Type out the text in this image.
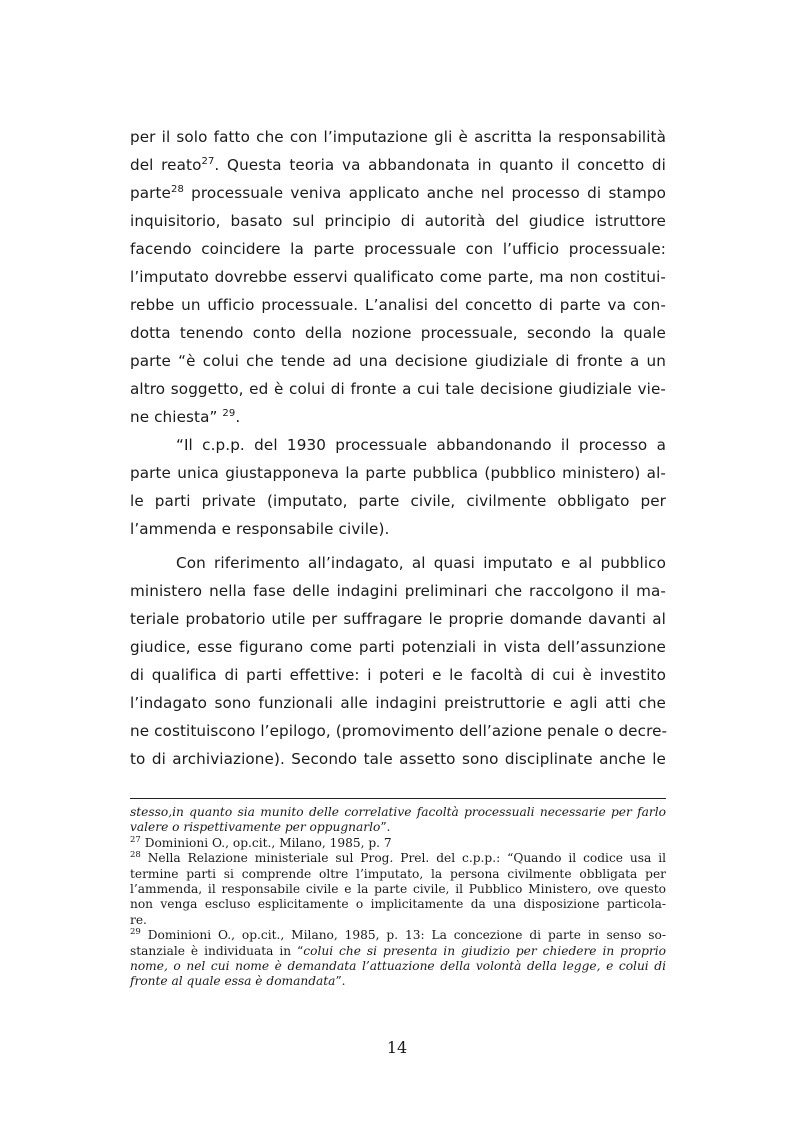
per il solo fatto che con l’imputazione gli è ascritta la responsabilità
del reato$^{27}$. Questa teoria va abbandonata in quanto il concetto di
parte$^{28}$ processuale veniva applicato anche nel processo di stampo
inquisitorio, basato sul principio di autorità del giudice istruttore
facendo coincidere la parte processuale con l’ufficio processuale:
l’imputato dovrebbe esservi qualificato come parte, ma non costitui-
rebbe un ufficio processuale. L’analisi del concetto di parte va con-
dotta tenendo conto della nozione processuale, secondo la quale
parte “è colui che tende ad una decisione giudiziale di fronte a un
altro soggetto, ed è colui di fronte a cui tale decisione giudiziale vie-
ne chiesta” $^{29}$.

“Il c.p.p. del 1930 processuale abbandonando il processo a
parte unica giustapponeva la parte pubblica (pubblico ministero) al-
le parti private (imputato, parte civile, civilmente obbligato per
l’ammenda e responsabile civile).

Con riferimento all’indagato, al quasi imputato e al pubblico
ministero nella fase delle indagini preliminari che raccolgono il ma-
teriale probatorio utile per suffragare le proprie domande davanti al
giudice, esse figurano come parti potenziali in vista dell’assunzione
di qualifica di parti effettive: i poteri e le facoltà di cui è investito
l’indagato sono funzionali alle indagini preistruttorie e agli atti che
ne costituiscono l’epilogo, (promovimento dell’azione penale o decre-
to di archiviazione). Secondo tale assetto sono disciplinate anche le

stesso,in quanto sia munito delle correlative facoltà processuali necessarie per farlo
valere o rispettivamente per oppugnarlo”.
$^{27}$ Dominioni O., op.cit., Milano, 1985, p. 7
$^{28}$ Nella Relazione ministeriale sul Prog. Prel. del c.p.p.: “Quando il codice usa il
termine parti si comprende oltre l’imputato, la persona civilmente obbligata per
l’ammenda, il responsabile civile e la parte civile, il Pubblico Ministero, ove questo
non venga escluso esplicitamente o implicitamente da una disposizione particola-
re.
$^{29}$ Dominioni O., op.cit., Milano, 1985, p. 13: La concezione di parte in senso so-
stanziale è individuata in “colui che si presenta in giudizio per chiedere in proprio
nome, o nel cui nome è demandata l’attuazione della volontà della legge, e colui di
fronte al quale essa è domandata”.
14
